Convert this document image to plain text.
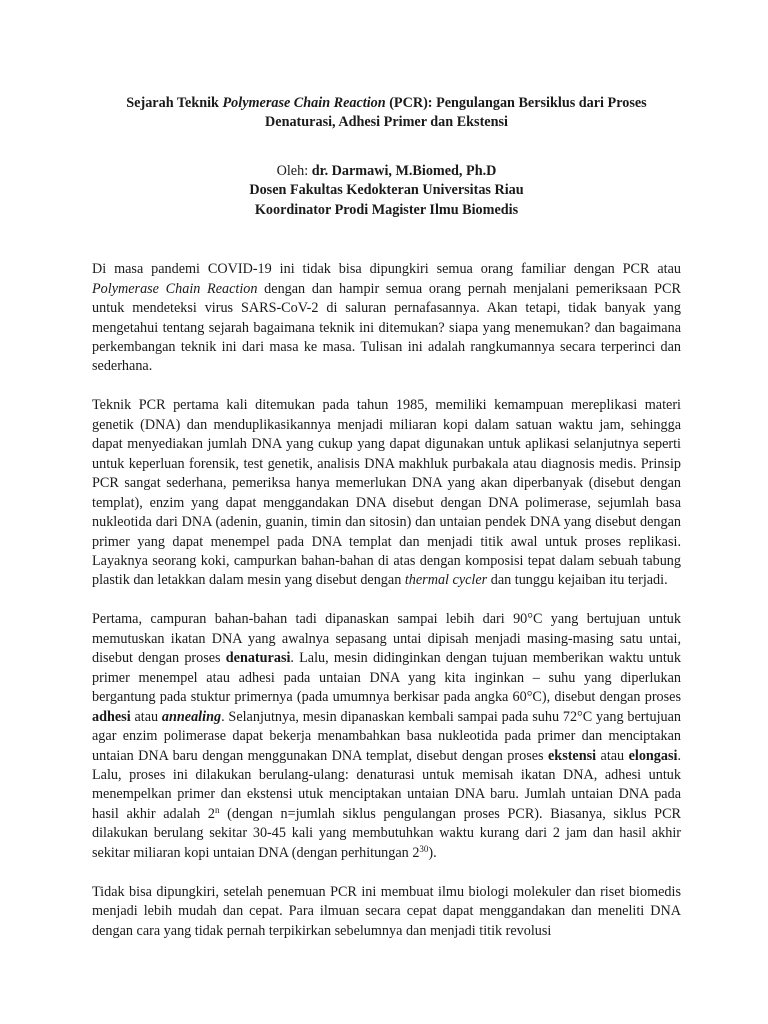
Sejarah Teknik Polymerase Chain Reaction (PCR): Pengulangan Bersiklus dari Proses
Denaturasi, Adhesi Primer dan Ekstensi
Oleh: dr. Darmawi, M.Biomed, Ph.D
Dosen Fakultas Kedokteran Universitas Riau
Koordinator Prodi Magister Ilmu Biomedis

Di masa pandemi COVID-19 ini tidak bisa dipungkiri semua orang familiar dengan PCR atau Polymerase Chain Reaction dengan dan hampir semua orang pernah menjalani pemeriksaan PCR untuk mendeteksi virus SARS-CoV-2 di saluran pernafasannya. Akan tetapi, tidak banyak yang mengetahui tentang sejarah bagaimana teknik ini ditemukan? siapa yang menemukan? dan bagaimana perkembangan teknik ini dari masa ke masa. Tulisan ini adalah rangkumannya secara terperinci dan sederhana.

Teknik PCR pertama kali ditemukan pada tahun 1985, memiliki kemampuan mereplikasi materi genetik (DNA) dan menduplikasikannya menjadi miliaran kopi dalam satuan waktu jam, sehingga dapat menyediakan jumlah DNA yang cukup yang dapat digunakan untuk aplikasi selanjutnya seperti untuk keperluan forensik, test genetik, analisis DNA makhluk purbakala atau diagnosis medis. Prinsip PCR sangat sederhana, pemeriksa hanya memerlukan DNA yang akan diperbanyak (disebut dengan templat), enzim yang dapat menggandakan DNA disebut dengan DNA polimerase, sejumlah basa nukleotida dari DNA (adenin, guanin, timin dan sitosin) dan untaian pendek DNA yang disebut dengan primer yang dapat menempel pada DNA templat dan menjadi titik awal untuk proses replikasi. Layaknya seorang koki, campurkan bahan-bahan di atas dengan komposisi tepat dalam sebuah tabung plastik dan letakkan dalam mesin yang disebut dengan thermal cycler dan tunggu kejaiban itu terjadi.

Pertama, campuran bahan-bahan tadi dipanaskan sampai lebih dari 90°C yang bertujuan untuk memutuskan ikatan DNA yang awalnya sepasang untai dipisah menjadi masing-masing satu untai, disebut dengan proses denaturasi. Lalu, mesin didinginkan dengan tujuan memberikan waktu untuk primer menempel atau adhesi pada untaian DNA yang kita inginkan – suhu yang diperlukan bergantung pada stuktur primernya (pada umumnya berkisar pada angka 60°C), disebut dengan proses adhesi atau annealing. Selanjutnya, mesin dipanaskan kembali sampai pada suhu 72°C yang bertujuan agar enzim polimerase dapat bekerja menambahkan basa nukleotida pada primer dan menciptakan untaian DNA baru dengan menggunakan DNA templat, disebut dengan proses ekstensi atau elongasi. Lalu, proses ini dilakukan berulang-ulang: denaturasi untuk memisah ikatan DNA, adhesi untuk menempelkan primer dan ekstensi utuk menciptakan untaian DNA baru. Jumlah untaian DNA pada hasil akhir adalah 2$^n$ (dengan n=jumlah siklus pengulangan proses PCR). Biasanya, siklus PCR dilakukan berulang sekitar 30-45 kali yang membutuhkan waktu kurang dari 2 jam dan hasil akhir sekitar miliaran kopi untaian DNA (dengan perhitungan $2^{30}$).

Tidak bisa dipungkiri, setelah penemuan PCR ini membuat ilmu biologi molekuler dan riset biomedis menjadi lebih mudah dan cepat. Para ilmuan secara cepat dapat menggandakan dan meneliti DNA dengan cara yang tidak pernah terpikirkan sebelumnya dan menjadi titik revolusi
